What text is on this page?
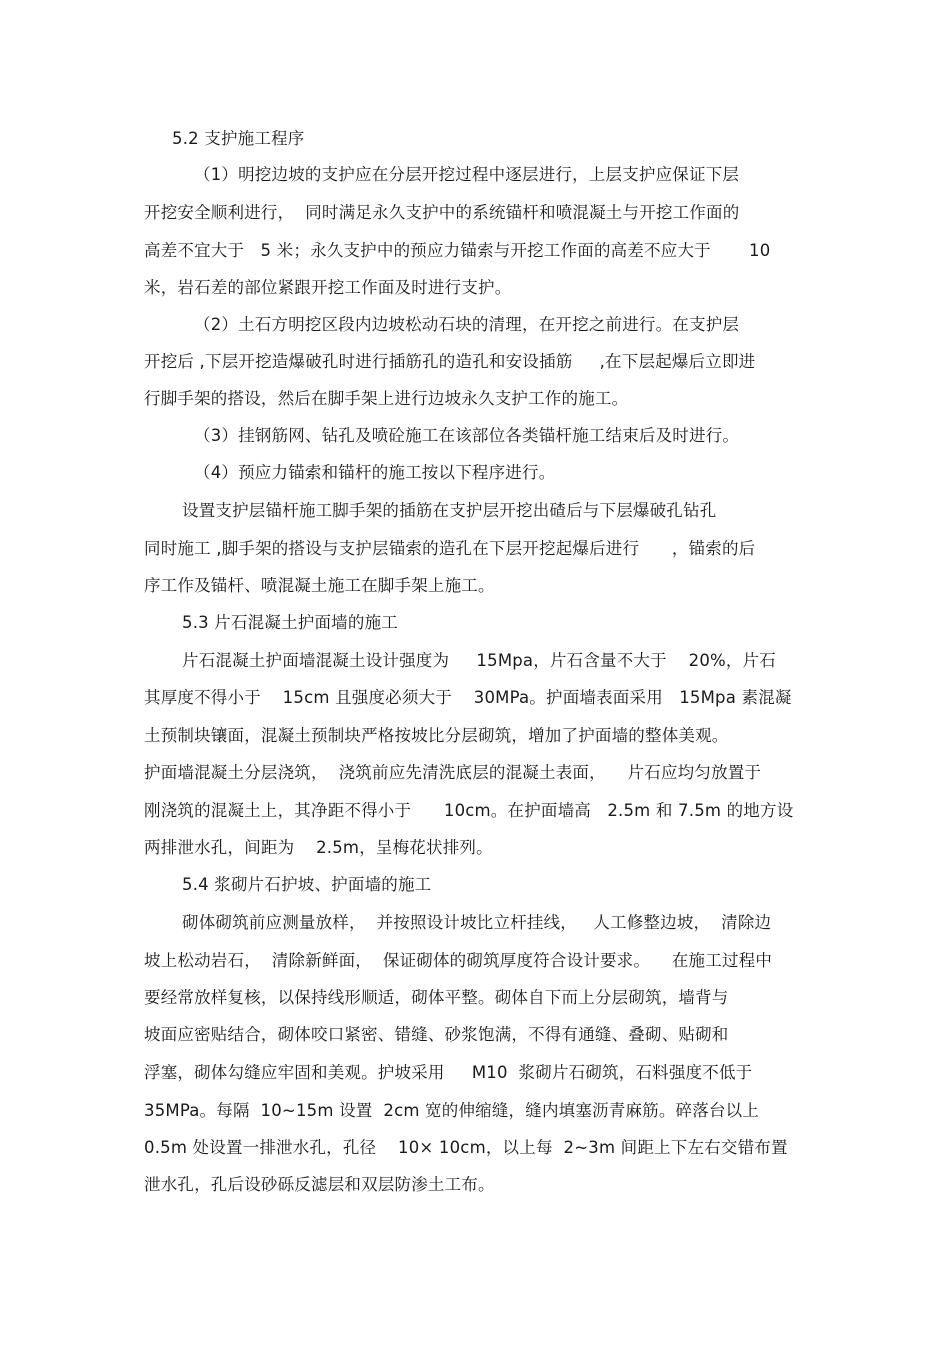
5.2 支护施工程序
（1）明挖边坡的支护应在分层开挖过程中逐层进行，上层支护应保证下层
开挖安全顺利进行，  同时满足永久支护中的系统锚杆和喷混凝土与开挖工作面的
高差不宜大于   5 米；永久支护中的预应力锚索与开挖工作面的高差不应大于       10
米，岩石差的部位紧跟开挖工作面及时进行支护。
（2）土石方明挖区段内边坡松动石块的清理，在开挖之前进行。在支护层
开挖后 ,下层开挖造爆破孔时进行插筋孔的造孔和安设插筋     ,在下层起爆后立即进
行脚手架的搭设，然后在脚手架上进行边坡永久支护工作的施工。
（3）挂钢筋网、钻孔及喷砼施工在该部位各类锚杆施工结束后及时进行。
（4）预应力锚索和锚杆的施工按以下程序进行。
设置支护层锚杆施工脚手架的插筋在支护层开挖出碴后与下层爆破孔钻孔
同时施工 ,脚手架的搭设与支护层锚索的造孔在下层开挖起爆后进行      ，锚索的后
序工作及锚杆、喷混凝土施工在脚手架上施工。
5.3 片石混凝土护面墙的施工
片石混凝土护面墙混凝土设计强度为     15Mpa，片石含量不大于    20%，片石
其厚度不得小于    15cm 且强度必须大于    30MPa。护面墙表面采用   15Mpa 素混凝
土预制块镶面，混凝土预制块严格按坡比分层砌筑，增加了护面墙的整体美观。
护面墙混凝土分层浇筑，  浇筑前应先清洗底层的混凝土表面，    片石应均匀放置于
刚浇筑的混凝土上，其净距不得小于      10cm。在护面墙高   2.5m 和 7.5m 的地方设
两排泄水孔，间距为    2.5m，呈梅花状排列。
5.4 浆砌片石护坡、护面墙的施工
砌体砌筑前应测量放样，  并按照设计坡比立杆挂线，   人工修整边坡，  清除边
坡上松动岩石，  清除新鲜面，  保证砌体的砌筑厚度符合设计要求。    在施工过程中
要经常放样复核，以保持线形顺适，砌体平整。砌体自下而上分层砌筑，墙背与
坡面应密贴结合，砌体咬口紧密、错缝、砂浆饱满，不得有通缝、叠砌、贴砌和
浮塞，砌体勾缝应牢固和美观。护坡采用     M10  浆砌片石砌筑，石料强度不低于
35MPa。每隔  10~15m 设置  2cm 宽的伸缩缝，缝内填塞沥青麻筋。碎落台以上
0.5m 处设置一排泄水孔，孔径    10× 10cm，以上每  2~3m 间距上下左右交错布置
泄水孔，孔后设砂砾反滤层和双层防渗土工布。
